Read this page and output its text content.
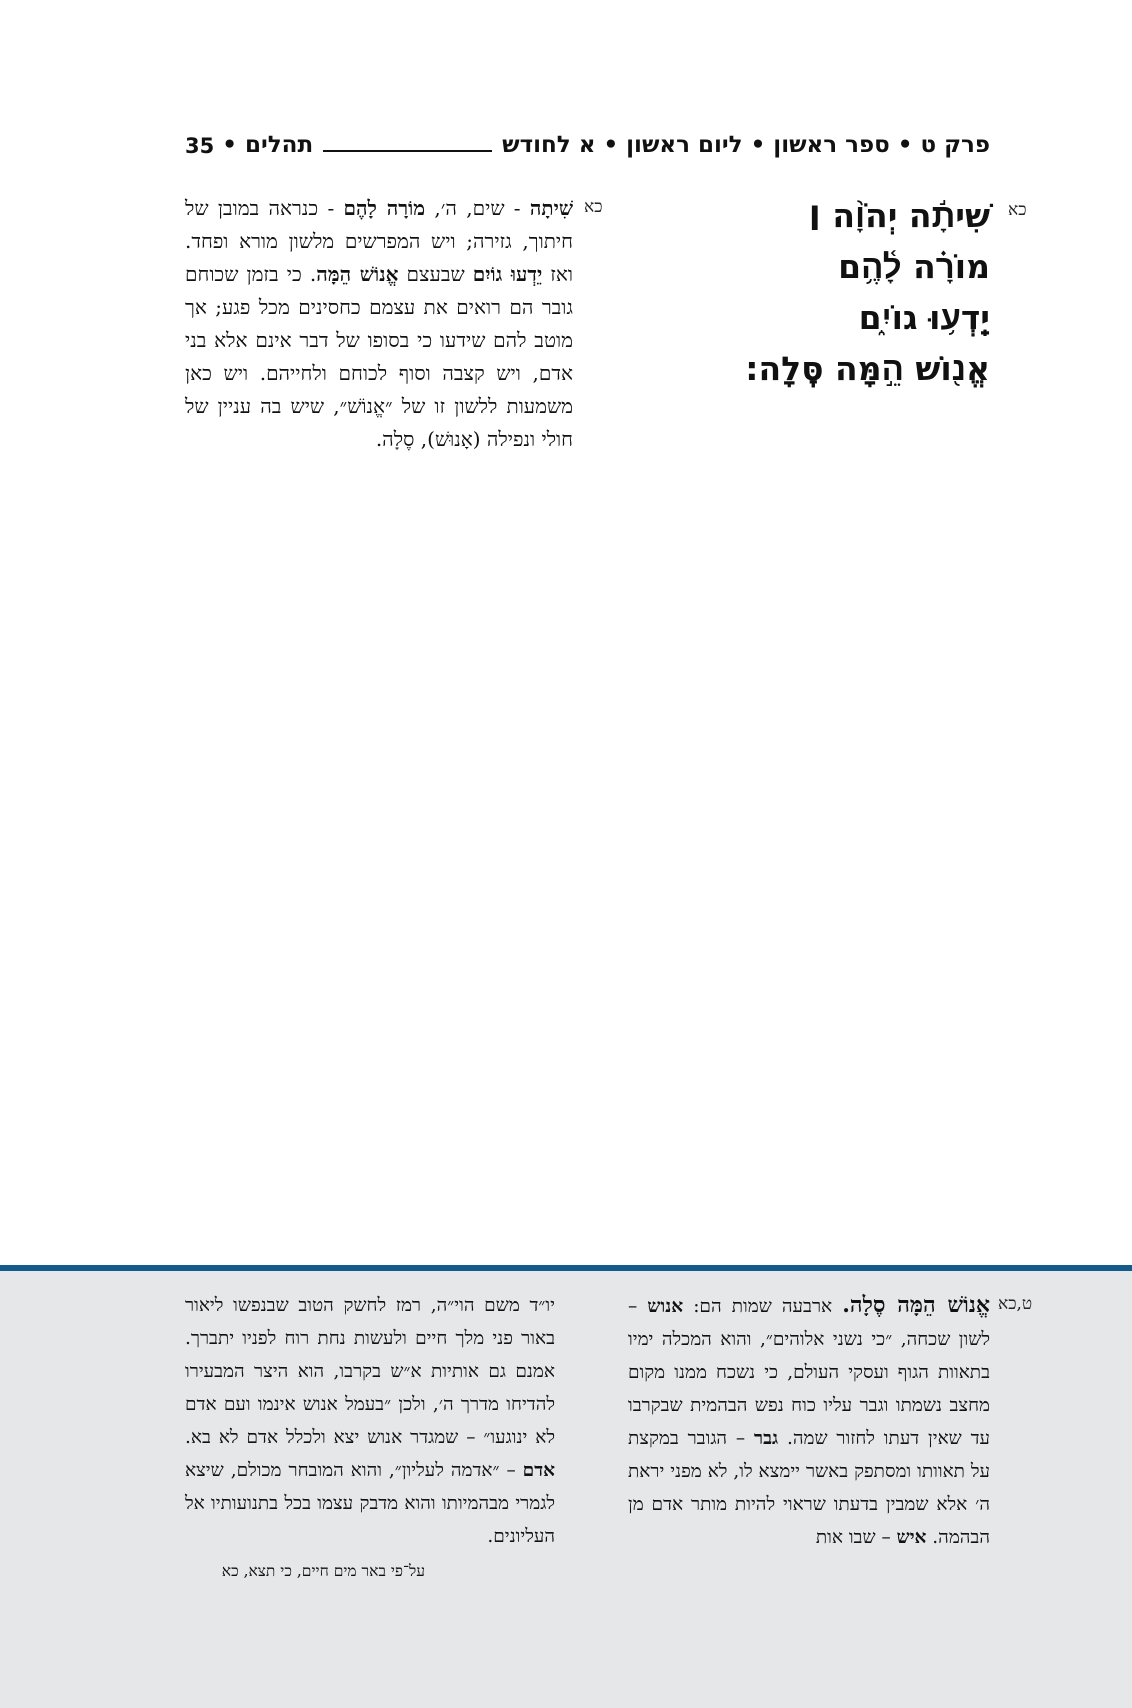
פרק ט • ספר ראשון • ליום ראשון • א לחודש
תהלים
•
35
כא
שִׁיתָ֬ה יְהֹוָ֨ה ׀ מוֹרָ֗ה לָ֫הֶ֥ם
יֵֽדְע֥וּ גוֹיִ֑ם
אֱנ֖וֹשׁ הֵ֣מָּה סֶּֽלָה:
כא
שִׁיתָה - שים, ה׳, מוֹרָה לָהֶם - כנראה במובן של חיתוך, גזירה; ויש המפרשים מלשון מורא ופחד. ואז יֵדְעוּ גוֹיִם שבעצם אֱנוֹשׁ הֵמָּה. כי בזמן שכוחם גובר הם רואים את עצמם כחסינים מכל פגע; אך מוטב להם שידעו כי בסופו של דבר אינם אלא בני אדם, ויש קצבה וסוף לכוחם ולחייהם. ויש כאן משמעות ללשון זו של ״אֱנוֹשׁ״, שיש בה עניין של חולי ונפילה (אָנוּשׁ), סֶלָה.
ט,כא
אֱנוֹשׁ הֵמָּה סֶלָה. ארבעה שמות הם: אנוש – לשון שכחה, ״כי נשני אלוהים״, והוא המכלה ימיו בתאוות הגוף ועסקי העולם, כי נשכח ממנו מקום מחצב נשמתו וגבר עליו כוח נפש הבהמית שבקרבו עד שאין דעתו לחזור שמה. גבר – הגובר במקצת על תאוותו ומסתפק באשר יימצא לו, לא מפני יראת ה׳ אלא שמבין בדעתו שראוי להיות מותר אדם מן הבהמה. איש – שבו אות
יו״ד משם הוי״ה, רמז לחשק הטוב שבנפשו ליאור באור פני מלך חיים ולעשות נחת רוח לפניו יתברך. אמנם גם אותיות א״ש בקרבו, הוא היצר המבעירו להדיחו מדרך ה׳, ולכן ״בעמל אנוש אינמו ועם אדם לא ינוגעו״ – שמגדר אנוש יצא ולכלל אדם לא בא. אדם – ״אדמה לעליון״, והוא המובחר מכולם, שיצא לגמרי מבהמיותו והוא מדבק עצמו בכל בתנועותיו אל העליונים.
על־פי באר מים חיים, כי תצא, כא
